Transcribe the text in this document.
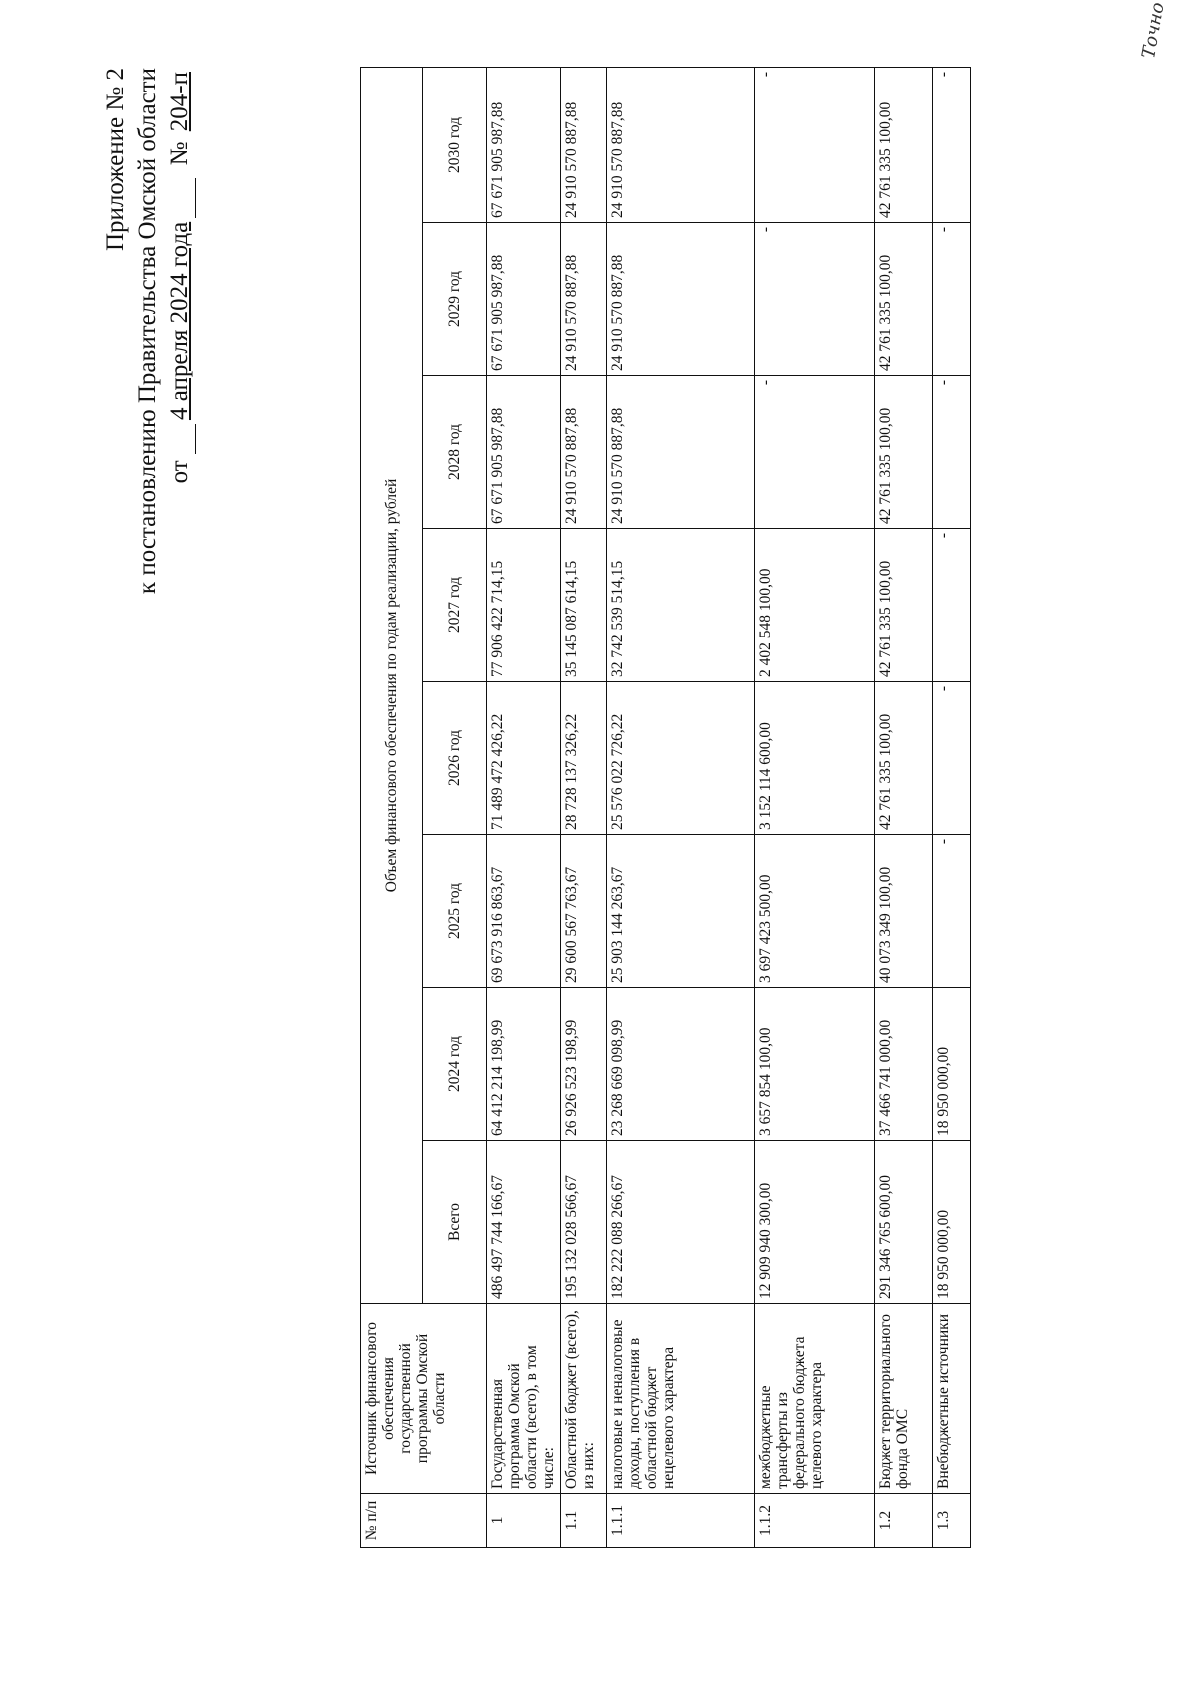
Точно
Приложение № 2 к постановлению Правительства Омской области от 4 апреля 2024 года  № 204-п
№ п/п	Источник финансового обеспечения государственной программы Омской области	Объем финансового обеспечения по годам реализации, рублей							
		Всего	2024 год	2025 год	2026 год	2027 год	2028 год	2029 год	2030 год
1	Государственная программа Омской области (всего), в том числе:	486 497 744 166,67	64 412 214 198,99	69 673 916 863,67	71 489 472 426,22	77 906 422 714,15	67 671 905 987,88	67 671 905 987,88	67 671 905 987,88
1.1	Областной бюджет (всего), из них:	195 132 028 566,67	26 926 523 198,99	29 600 567 763,67	28 728 137 326,22	35 145 087 614,15	24 910 570 887,88	24 910 570 887,88	24 910 570 887,88
1.1.1	налоговые и неналоговые доходы, поступления в областной бюджет нецелевого характера	182 222 088 266,67	23 268 669 098,99	25 903 144 263,67	25 576 022 726,22	32 742 539 514,15	24 910 570 887,88	24 910 570 887,88	24 910 570 887,88
1.1.2	межбюджетные трансферты из федерального бюджета целевого характера	12 909 940 300,00	3 657 854 100,00	3 697 423 500,00	3 152 114 600,00	2 402 548 100,00	-	-	-
1.2	Бюджет территориального фонда ОМС	291 346 765 600,00	37 466 741 000,00	40 073 349 100,00	42 761 335 100,00	42 761 335 100,00	42 761 335 100,00	42 761 335 100,00	42 761 335 100,00
1.3	Внебюджетные источники	18 950 000,00	18 950 000,00	-	-	-	-	-	-
